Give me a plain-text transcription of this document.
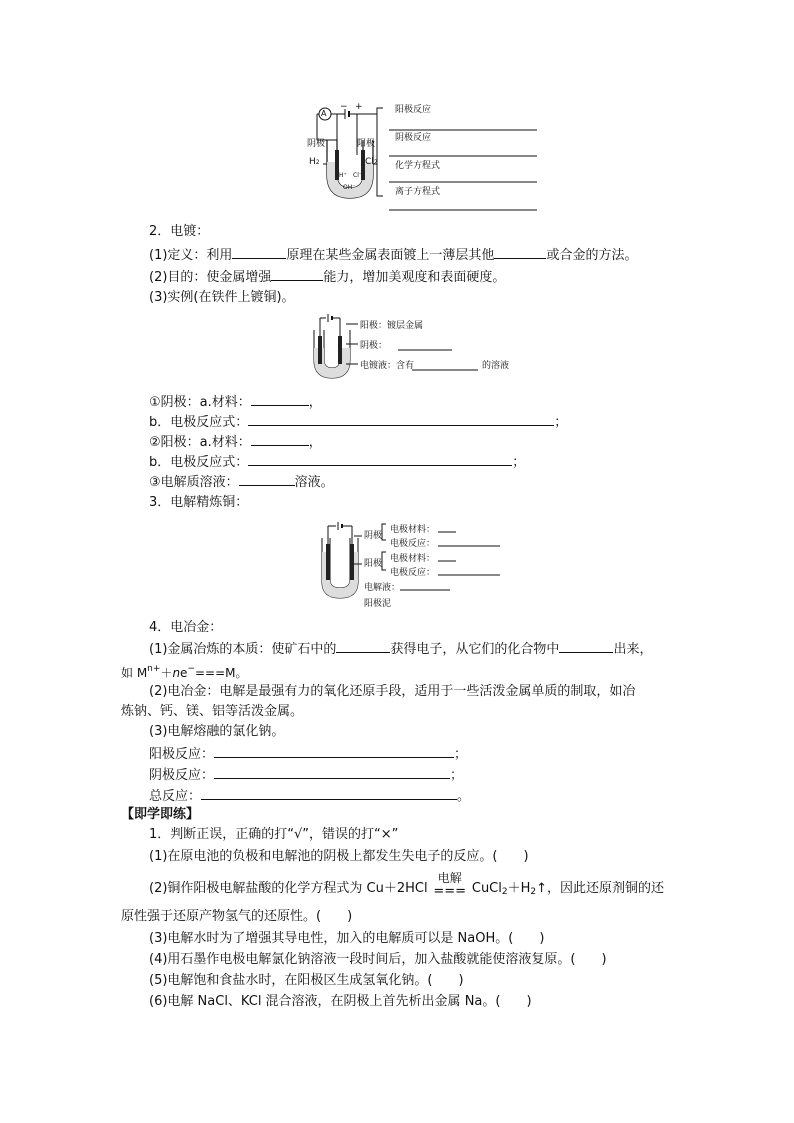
A
− +
阴极	阳极
H2	Cl2
H⁺ Cl⁻
OH⁻
阳极反应
阴极反应
化学方程式
离子方程式
2．电镀：
(1)定义：利用	原理在某些金属表面镀上一薄层其他	或合金的方法。
(2)目的：使金属增强	能力，增加美观度和表面硬度。
(3)实例(在铁件上镀铜)。
阳极：镀层金属
阴极：
电镀液：含有	的溶液
①阴极：a.材料：	，
b．电极反应式：	；
②阳极：a.材料：	，
b．电极反应式：	；
③电解质溶液：	溶液。
3．电解精炼铜：
阴极
阳极
电极材料：
电极反应：
电极材料：
电极反应：
电解液：
阳极泥
4．电冶金：
(1)金属冶炼的本质：使矿石中的	获得电子，从它们的化合物中	出来，
如 $M^{n+}+ne^-===M$。
(2)电冶金：电解是最强有力的氧化还原手段，适用于一些活泼金属单质的制取，如冶
炼钠、钙、镁、铝等活泼金属。
(3)电解熔融的氯化钠。
阳极反应：	；
阴极反应：	；
总反应：	。
【即学即练】
1．判断正误，正确的打“√”，错误的打“×”
(1)在原电池的负极和电解池的阴极上都发生失电子的反应。(　　)
(2)铜作阳极电解盐酸的化学方程式为 Cu＋2HCl
电解
=== $CuCl_2+H_2↑$，因此还原剂铜的还
原性强于还原产物氢气的还原性。(　　)
(3)电解水时为了增强其导电性，加入的电解质可以是 NaOH。(　　)
(4)用石墨作电极电解氯化钠溶液一段时间后，加入盐酸就能使溶液复原。(　　)
(5)电解饱和食盐水时，在阳极区生成氢氧化钠。(　　)
(6)电解 NaCl、KCl 混合溶液，在阴极上首先析出金属 Na。(　　)
